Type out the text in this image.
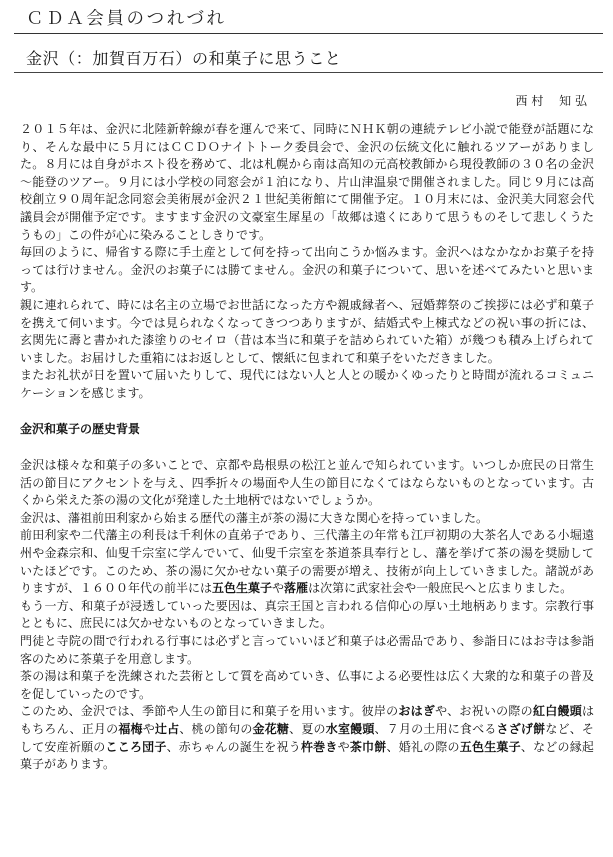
ＣＤＡ会員のつれづれ
金沢（：加賀百万石）の和菓子に思うこと
西 村　 知 弘

２０１５年は、金沢に北陸新幹線が春を運んで来て、同時にＮＨＫ朝の連続テレビ小説で能登が話題になり、そんな最中に５月にはＣＣＤＯナイトトーク委員会で、金沢の伝統文化に触れるツアーがありました。８月には自身がホスト役を務めて、北は札幌から南は高知の元高校教師から現役教師の３０名の金沢～能登のツアー。９月には小学校の同窓会が１泊になり、片山津温泉で開催されました。同じ９月には高校創立９０周年記念同窓会美術展が金沢２１世紀美術館にて開催予定。１０月末には、金沢美大同窓会代議員会が開催予定です。ますます金沢の文豪室生犀星の「故郷は遠くにありて思うものそして悲しくうたうもの」この件が心に染みることしきりです。

毎回のように、帰省する際に手土産として何を持って出向こうか悩みます。金沢へはなかなかお菓子を持っては行けません。金沢のお菓子には勝てません。金沢の和菓子について、思いを述べてみたいと思います。

親に連れられて、時には名主の立場でお世話になった方や親戚縁者へ、冠婚葬祭のご挨拶には必ず和菓子を携えて伺います。今では見られなくなってきつつありますが、結婚式や上棟式などの祝い事の折には、玄関先に壽と書かれた漆塗りのセイロ（昔は本当に和菓子を詰められていた箱）が幾つも積み上げられていました。お届けした重箱にはお返しとして、懐紙に包まれて和菓子をいただきました。

またお礼状が日を置いて届いたりして、現代にはない人と人との暖かくゆったりと時間が流れるコミュニケーションを感じます。

金沢和菓子の歴史背景

金沢は様々な和菓子の多いことで、京都や島根県の松江と並んで知られています。いつしか庶民の日常生活の節目にアクセントを与え、四季折々の場面や人生の節目になくてはならないものとなっています。古くから栄えた茶の湯の文化が発達した土地柄ではないでしょうか。

金沢は、藩祖前田利家から始まる歴代の藩主が茶の湯に大きな関心を持っていました。

前田利家や二代藩主の利長は千利休の直弟子であり、三代藩主の年常も江戸初期の大茶名人である小堀遠州や金森宗和、仙叟千宗室に学んでいて、仙叟千宗室を茶道茶具奉行とし、藩を挙げて茶の湯を奨励していたほどです。このため、茶の湯に欠かせない菓子の需要が増え、技術が向上していきました。諸説がありますが、１６００年代の前半には五色生菓子や落雁は次第に武家社会や一般庶民へと広まりました。

もう一方、和菓子が浸透していった要因は、真宗王国と言われる信仰心の厚い土地柄あります。宗教行事とともに、庶民には欠かせないものとなっていきました。

門徒と寺院の間で行われる行事には必ずと言っていいほど和菓子は必需品であり、参詣日にはお寺は参詣客のために茶菓子を用意します。

茶の湯は和菓子を洗練された芸術として質を高めていき、仏事による必要性は広く大衆的な和菓子の普及を促していったのです。

このため、金沢では、季節や人生の節目に和菓子を用います。彼岸のおはぎや、お祝いの際の紅白饅頭はもちろん、正月の福梅や辻占、桃の節句の金花糖、夏の水室饅頭、７月の土用に食べるさざげ餅など、そして安産祈願のこころ団子、赤ちゃんの誕生を祝う杵巻きや茶巾餅、婚礼の際の五色生菓子、などの縁起菓子があります。
